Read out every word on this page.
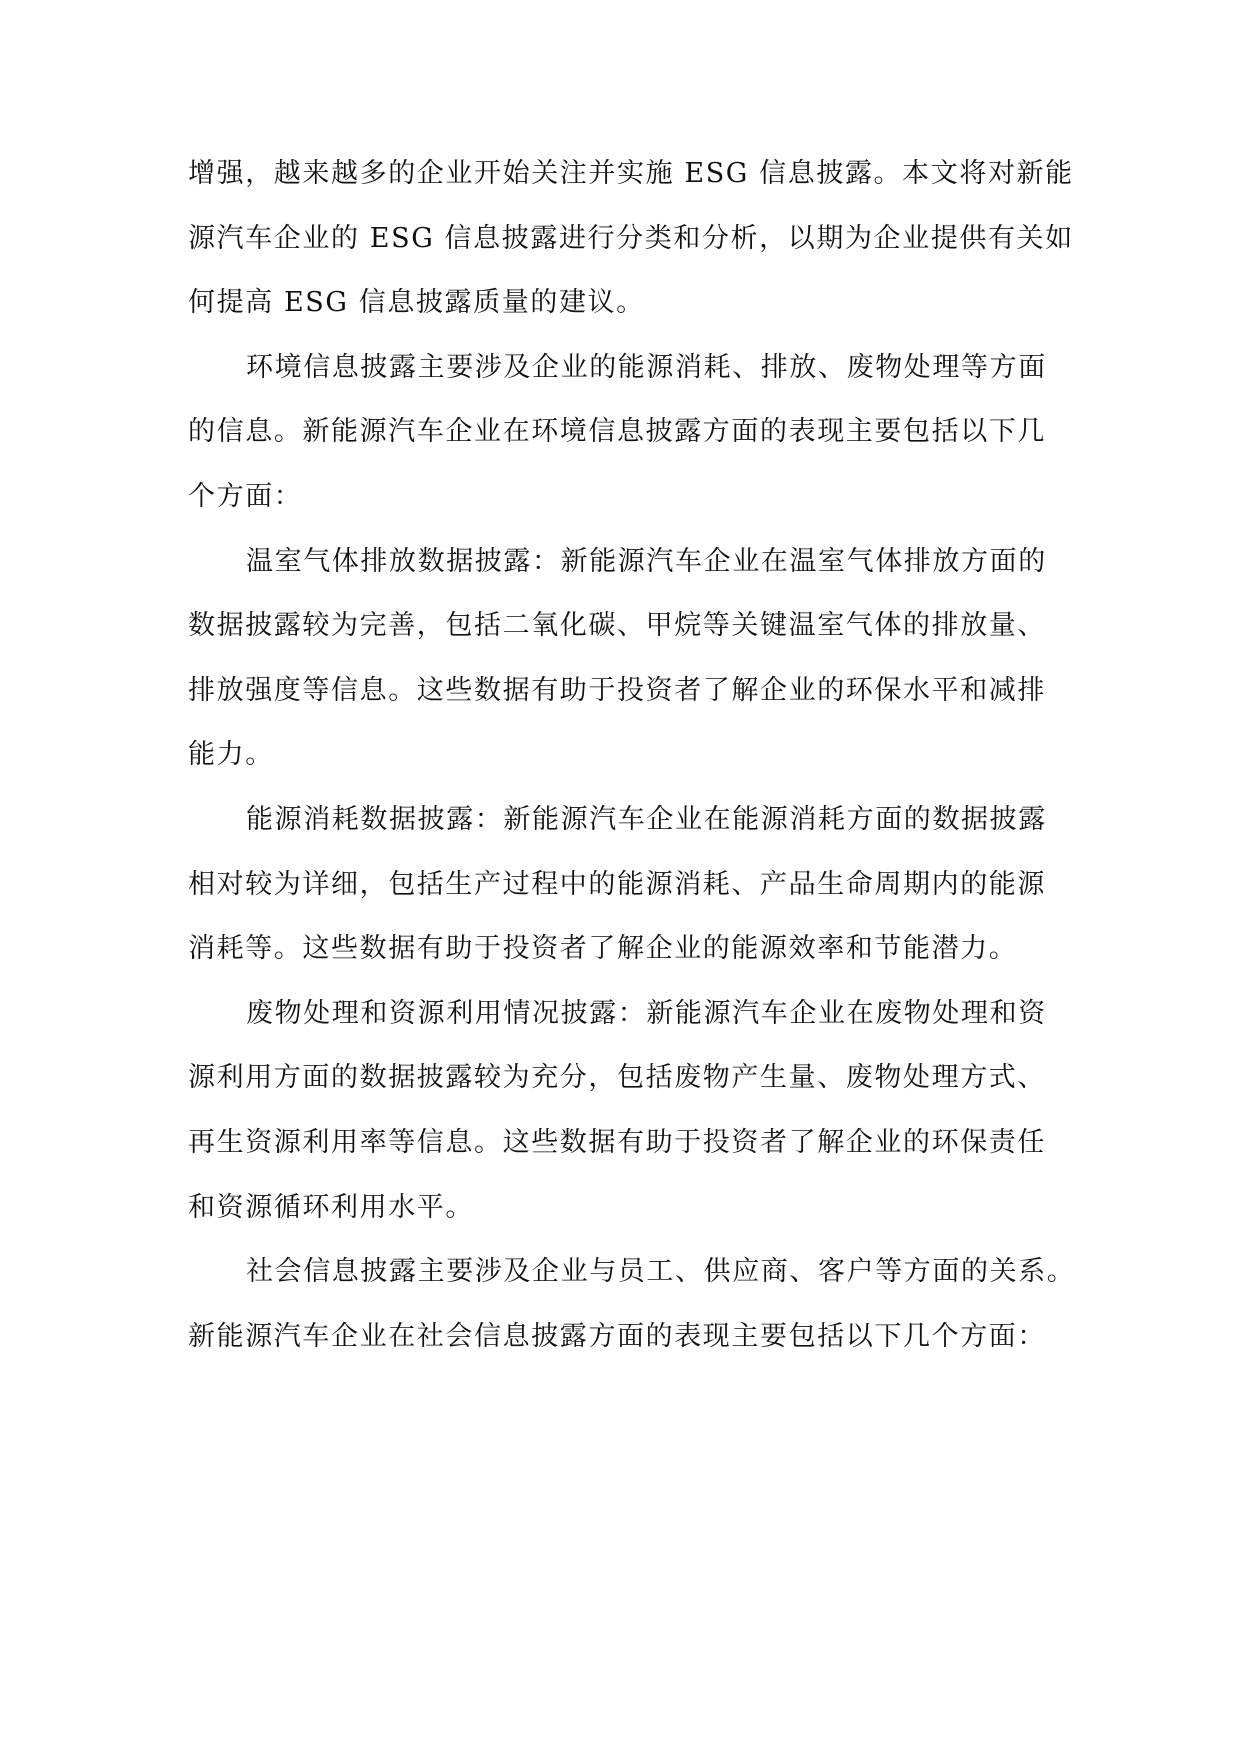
增强，越来越多的企业开始关注并实施 ESG 信息披露。本文将对新能
源汽车企业的 ESG 信息披露进行分类和分析，以期为企业提供有关如
何提高 ESG 信息披露质量的建议。
环境信息披露主要涉及企业的能源消耗、排放、废物处理等方面
的信息。新能源汽车企业在环境信息披露方面的表现主要包括以下几
个方面：
温室气体排放数据披露：新能源汽车企业在温室气体排放方面的
数据披露较为完善，包括二氧化碳、甲烷等关键温室气体的排放量、
排放强度等信息。这些数据有助于投资者了解企业的环保水平和减排
能力。
能源消耗数据披露：新能源汽车企业在能源消耗方面的数据披露
相对较为详细，包括生产过程中的能源消耗、产品生命周期内的能源
消耗等。这些数据有助于投资者了解企业的能源效率和节能潜力。
废物处理和资源利用情况披露：新能源汽车企业在废物处理和资
源利用方面的数据披露较为充分，包括废物产生量、废物处理方式、
再生资源利用率等信息。这些数据有助于投资者了解企业的环保责任
和资源循环利用水平。
社会信息披露主要涉及企业与员工、供应商、客户等方面的关系。
新能源汽车企业在社会信息披露方面的表现主要包括以下几个方面：
